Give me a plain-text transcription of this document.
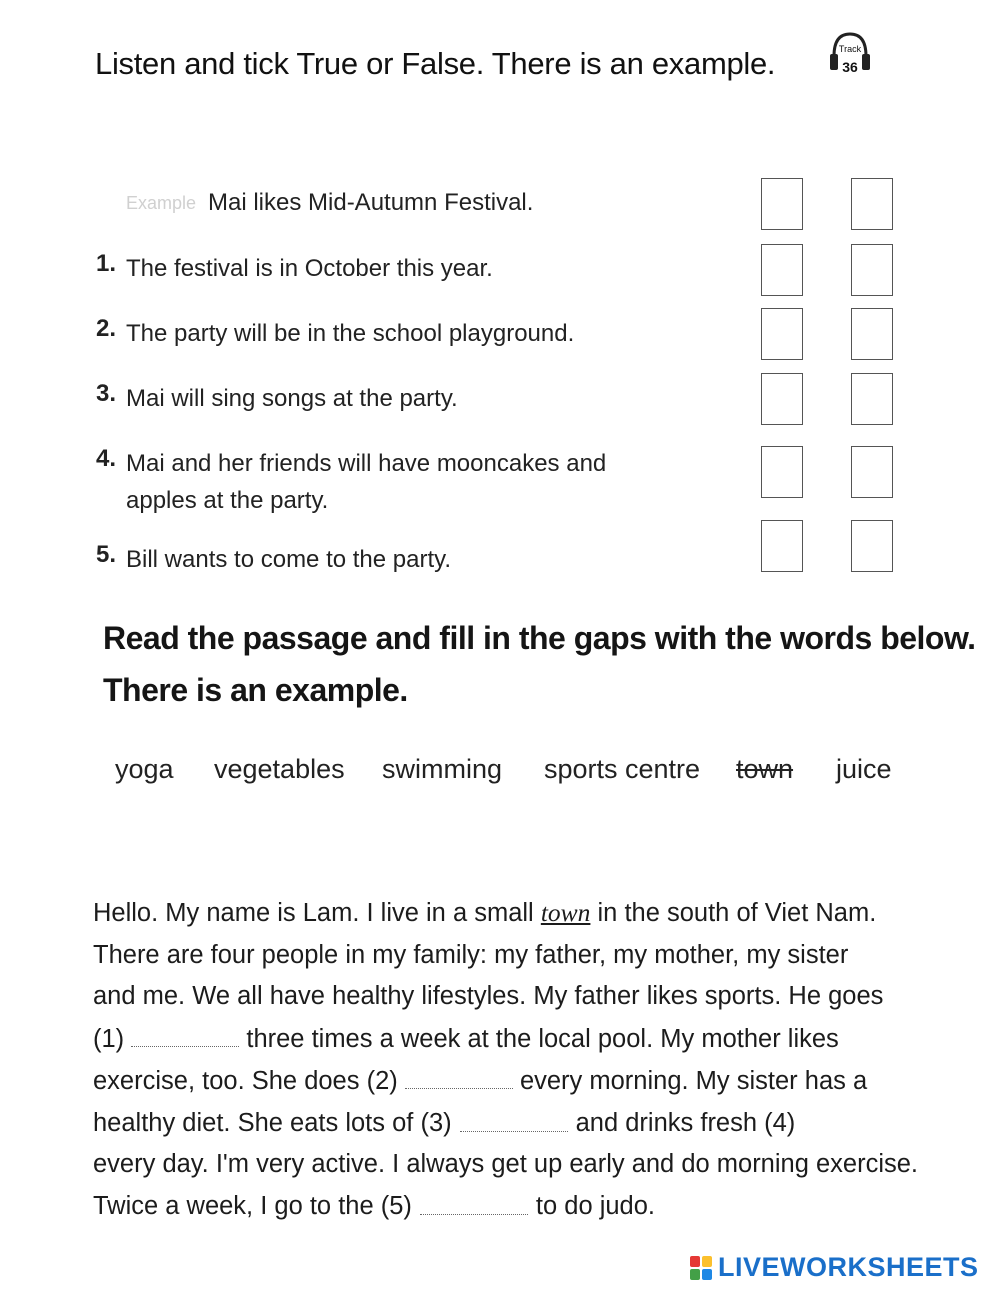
Listen and tick True or False. There is an example.	Track
36
Example Mai likes Mid-Autumn Festival.
1. The festival is in October this year.
2. The party will be in the school playground.
3. Mai will sing songs at the party.
4. Mai and her friends will have mooncakes and apples at the party.
5. Bill wants to come to the party.
Read the passage and fill in the gaps with the words below.
There is an example.
yoga vegetables swimming sports centre town juice
Hello. My name is Lam. I live in a small town in the south of Viet Nam.
There are four people in my family: my father, my mother, my sister
and me. We all have healthy lifestyles. My father likes sports. He goes
(1)	three times a week at the local pool. My mother likes
exercise, too. She does (2)	every morning. My sister has a
healthy diet. She eats lots of (3)	and drinks fresh (4)
every day. I'm very active. I always get up early and do morning exercise.
Twice a week, I go to the (5)	to do judo.
LIVEWORKSHEETS
